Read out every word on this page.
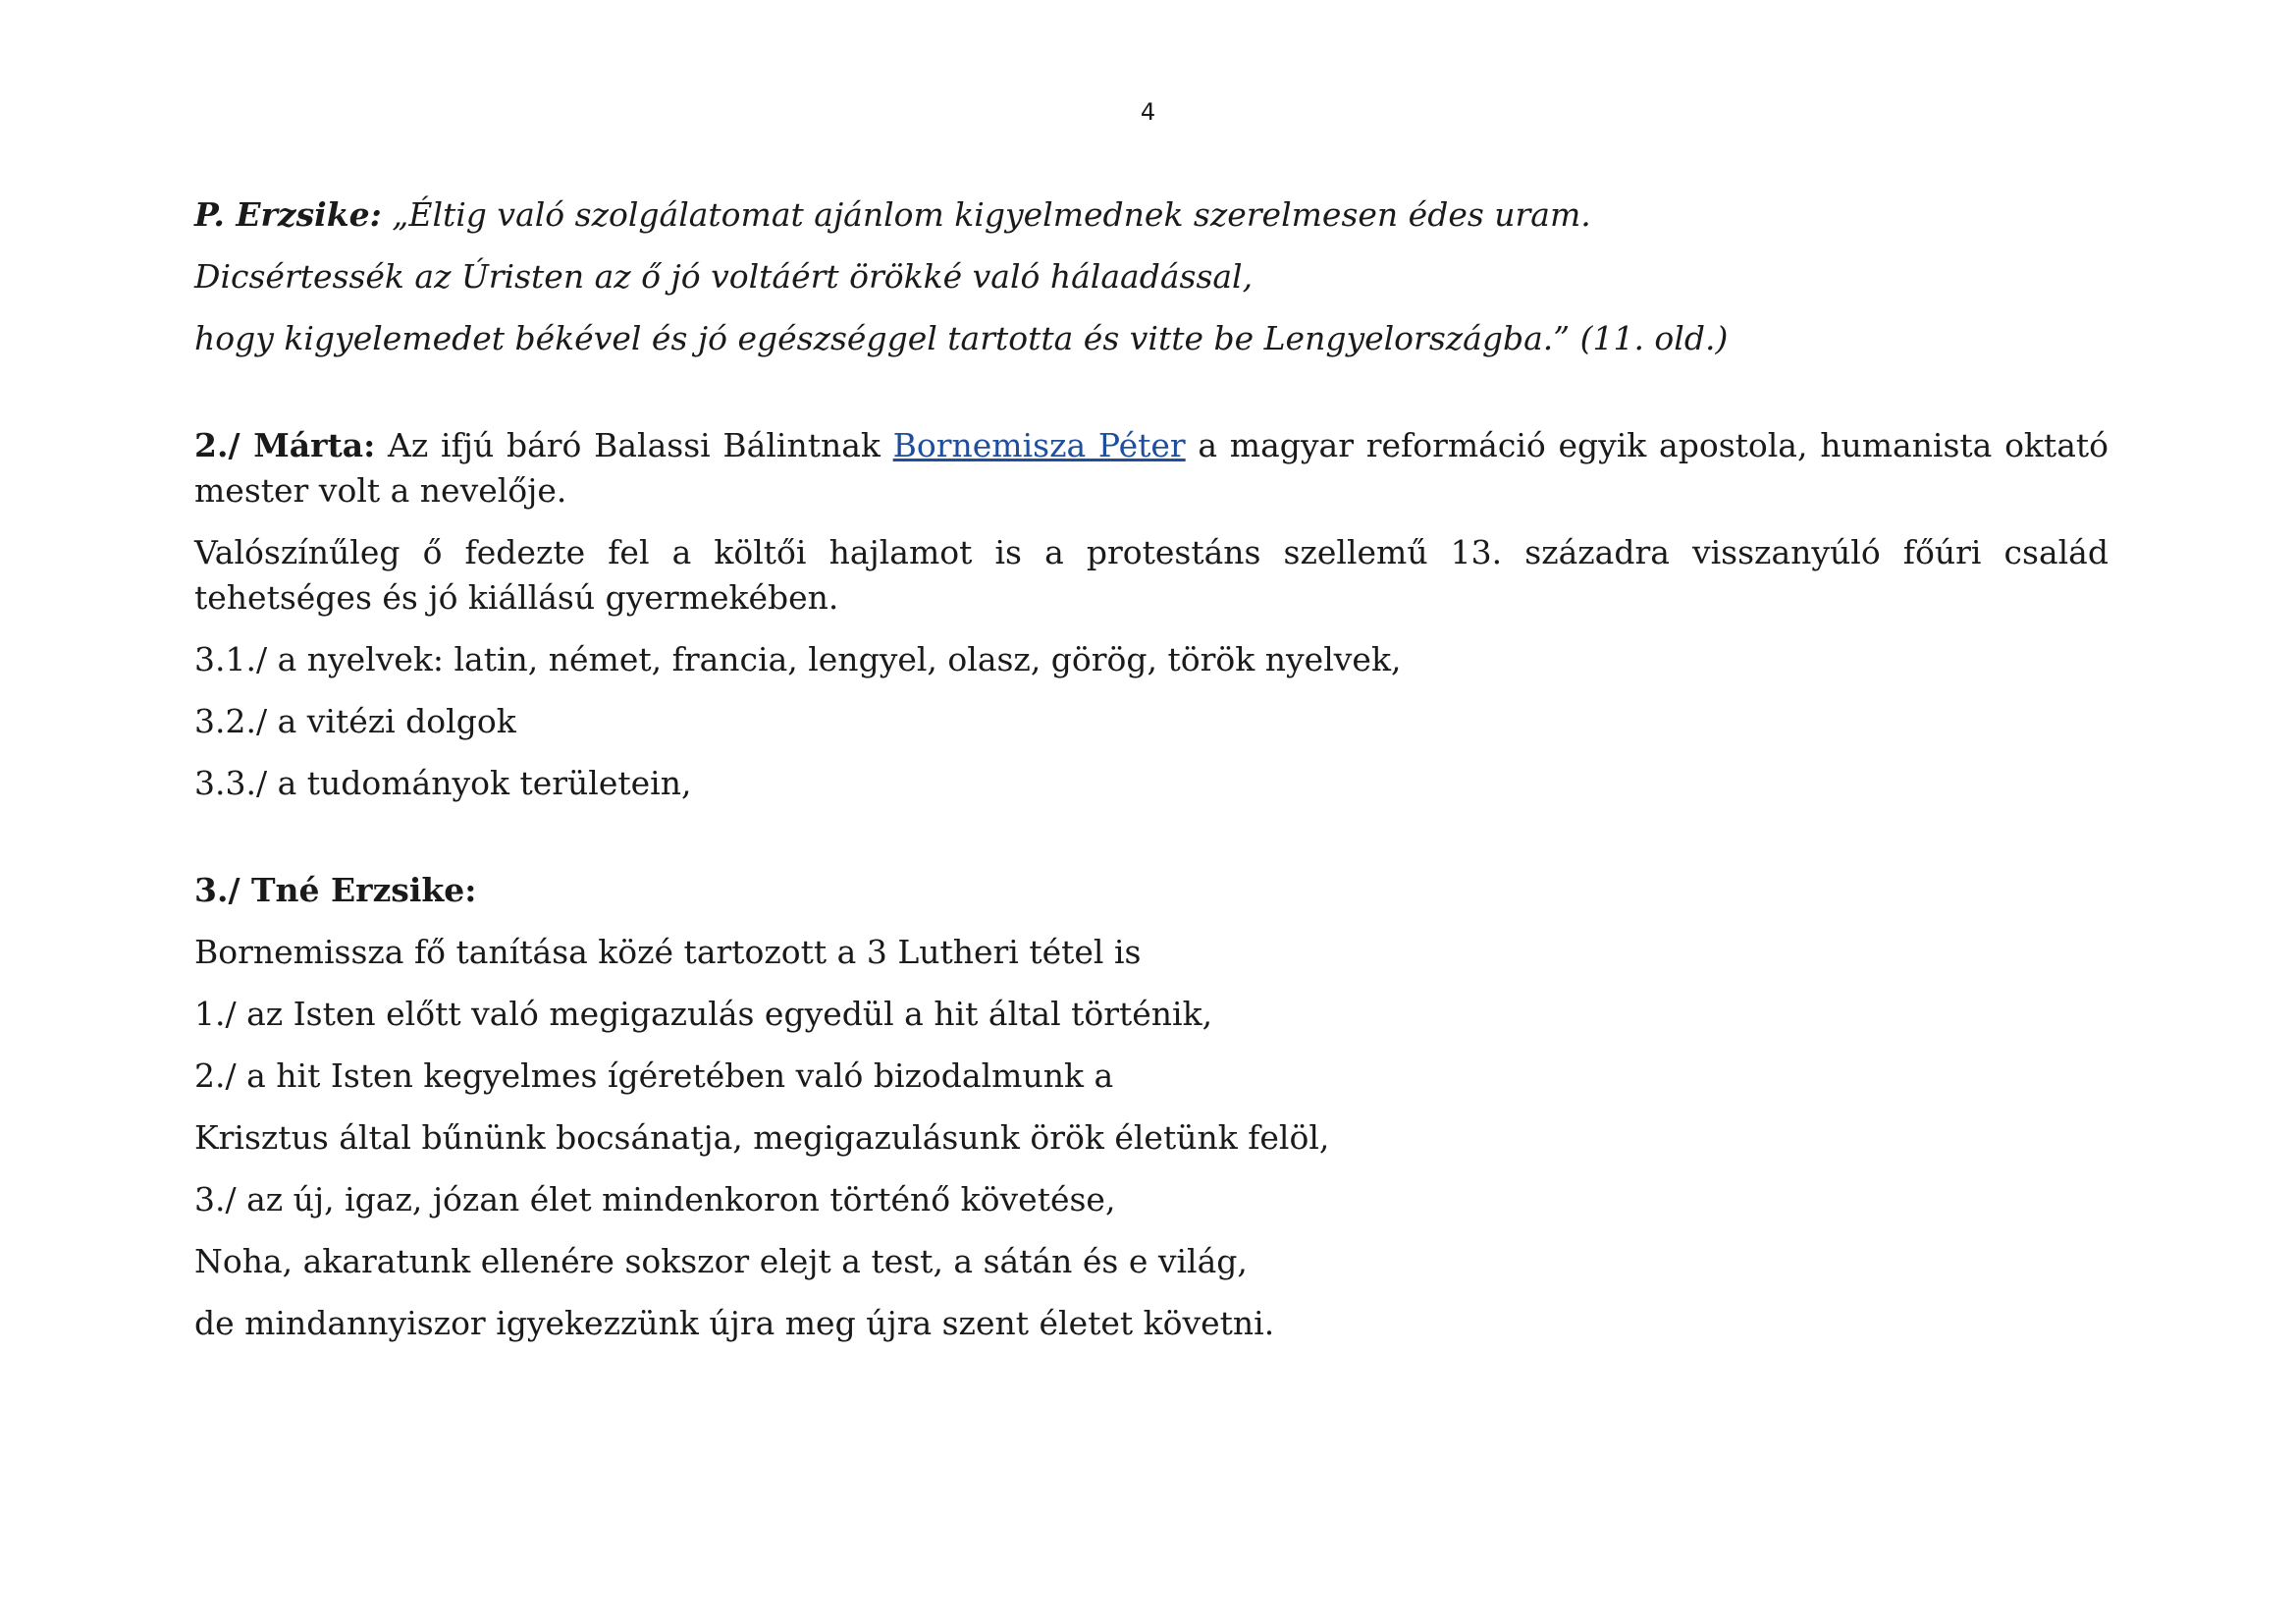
4

P. Erzsike: „Éltig való szolgálatomat ajánlom kigyelmednek szerelmesen édes uram.

Dicsértessék az Úristen az ő jó voltáért örökké való hálaadással,

hogy kigyelemedet békével és jó egészséggel tartotta és vitte be Lengyelországba.” (11. old.)

2./ Márta: Az ifjú báró Balassi Bálintnak Bornemisza Péter a magyar reformáció egyik apostola, humanista oktató mester volt a nevelője.

Valószínűleg ő fedezte fel a költői hajlamot is a protestáns szellemű 13. századra visszanyúló főúri család tehetséges és jó kiállású gyermekében.

3.1./ a nyelvek: latin, német, francia, lengyel, olasz, görög, török nyelvek,

3.2./ a vitézi dolgok

3.3./ a tudományok területein,

3./ Tné Erzsike:

Bornemissza fő tanítása közé tartozott a 3 Lutheri tétel is

1./ az Isten előtt való megigazulás egyedül a hit által történik,

2./ a hit Isten kegyelmes ígéretében való bizodalmunk a

Krisztus által bűnünk bocsánatja, megigazulásunk örök életünk felöl,

3./ az új, igaz, józan élet mindenkoron történő követése,

Noha, akaratunk ellenére sokszor elejt a test, a sátán és e világ,

de mindannyiszor igyekezzünk újra meg újra szent életet követni.
